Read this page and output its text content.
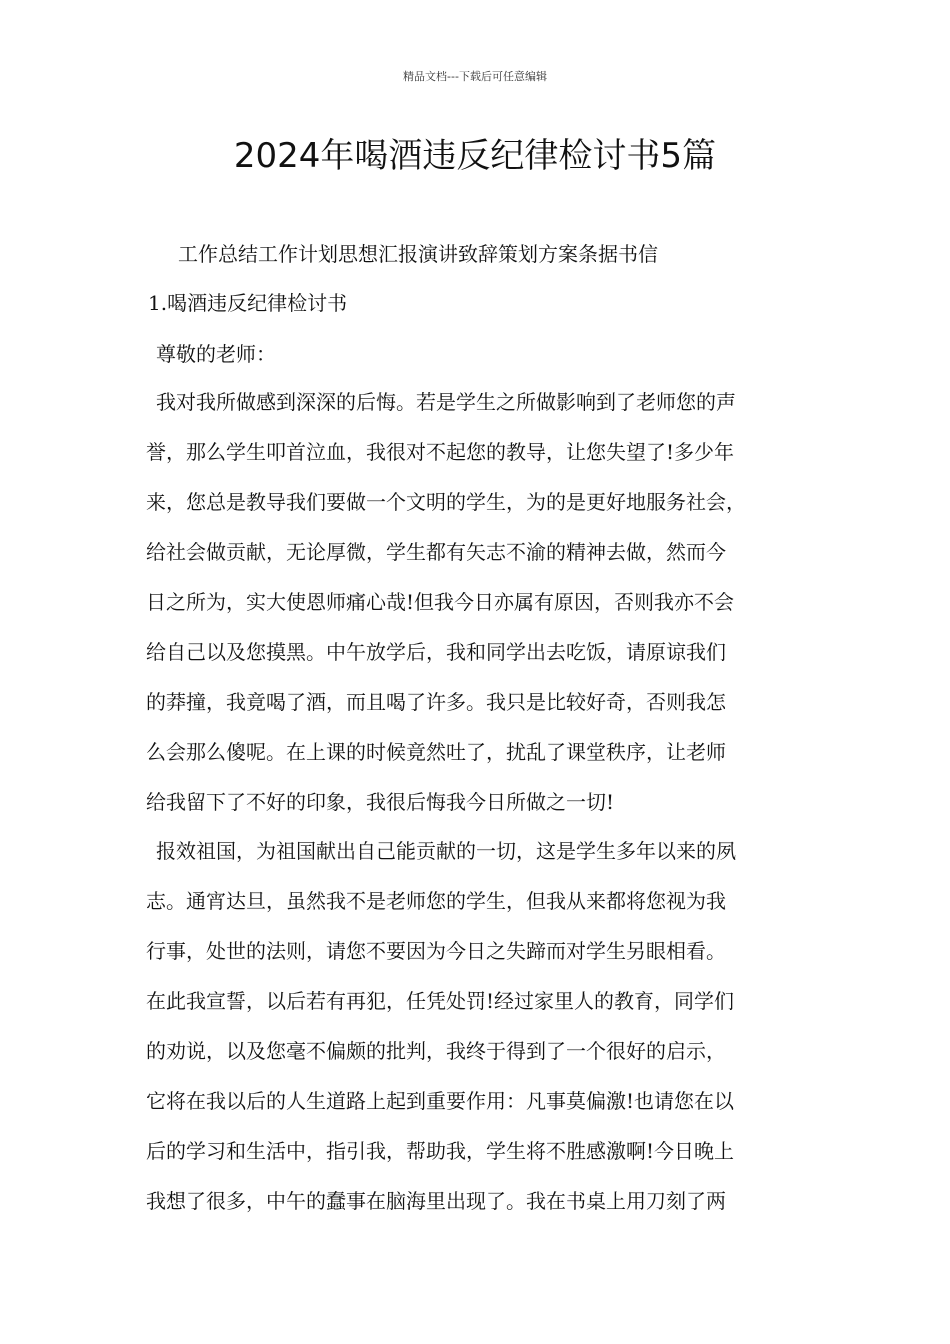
精品文档---下载后可任意编辑
2024年喝酒违反纪律检讨书5篇
工作总结工作计划思想汇报演讲致辞策划方案条据书信
1.喝酒违反纪律检讨书
尊敬的老师：
我对我所做感到深深的后悔。若是学生之所做影响到了老师您的声
誉，那么学生叩首泣血，我很对不起您的教导，让您失望了!多少年
来，您总是教导我们要做一个文明的学生，为的是更好地服务社会，
给社会做贡献，无论厚微，学生都有矢志不渝的精神去做，然而今
日之所为，实大使恩师痛心哉!但我今日亦属有原因，否则我亦不会
给自己以及您摸黑。中午放学后，我和同学出去吃饭，请原谅我们
的莽撞，我竟喝了酒，而且喝了许多。我只是比较好奇，否则我怎
么会那么傻呢。在上课的时候竟然吐了，扰乱了课堂秩序，让老师
给我留下了不好的印象，我很后悔我今日所做之一切!
报效祖国，为祖国献出自己能贡献的一切，这是学生多年以来的夙
志。通宵达旦，虽然我不是老师您的学生，但我从来都将您视为我
行事，处世的法则，请您不要因为今日之失蹄而对学生另眼相看。
在此我宣誓，以后若有再犯，任凭处罚!经过家里人的教育，同学们
的劝说，以及您毫不偏颇的批判，我终于得到了一个很好的启示，
它将在我以后的人生道路上起到重要作用：凡事莫偏激!也请您在以
后的学习和生活中，指引我，帮助我，学生将不胜感激啊!今日晚上
我想了很多，中午的蠢事在脑海里出现了。我在书桌上用刀刻了两
